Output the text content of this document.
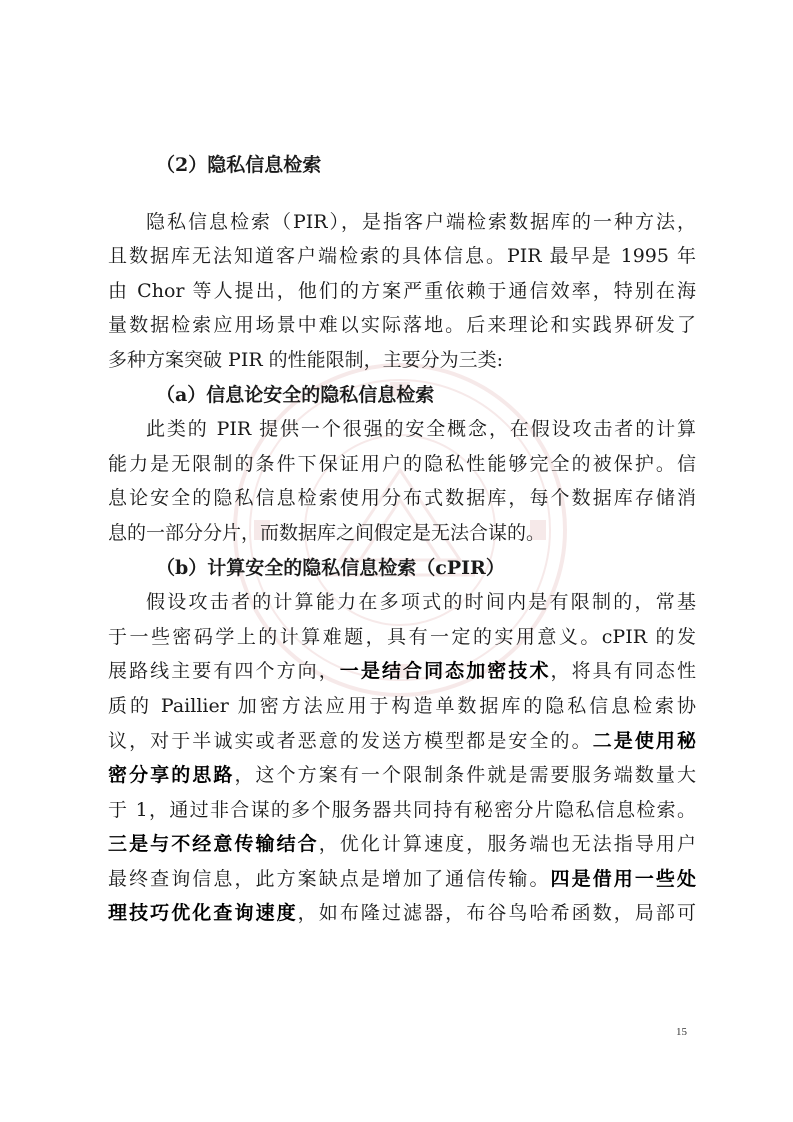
（2）隐私信息检索
隐私信息检索（PIR），是指客户端检索数据库的一种方法，
且数据库无法知道客户端检索的具体信息。PIR 最早是 1995 年
由 Chor 等人提出，他们的方案严重依赖于通信效率，特别在海
量数据检索应用场景中难以实际落地。后来理论和实践界研发了
多种方案突破 PIR 的性能限制，主要分为三类:
（a）信息论安全的隐私信息检索
此类的 PIR 提供一个很强的安全概念，在假设攻击者的计算
能力是无限制的条件下保证用户的隐私性能够完全的被保护。信
息论安全的隐私信息检索使用分布式数据库，每个数据库存储消
息的一部分分片，而数据库之间假定是无法合谋的。
（b）计算安全的隐私信息检索（cPIR）
假设攻击者的计算能力在多项式的时间内是有限制的，常基
于一些密码学上的计算难题，具有一定的实用意义。cPIR 的发
展路线主要有四个方向，一是结合同态加密技术，将具有同态性
质的 Paillier 加密方法应用于构造单数据库的隐私信息检索协
议，对于半诚实或者恶意的发送方模型都是安全的。二是使用秘
密分享的思路，这个方案有一个限制条件就是需要服务端数量大
于 1，通过非合谋的多个服务器共同持有秘密分片隐私信息检索。
三是与不经意传输结合，优化计算速度，服务端也无法指导用户
最终查询信息，此方案缺点是增加了通信传输。四是借用一些处
理技巧优化查询速度，如布隆过滤器，布谷鸟哈希函数，局部可
15
